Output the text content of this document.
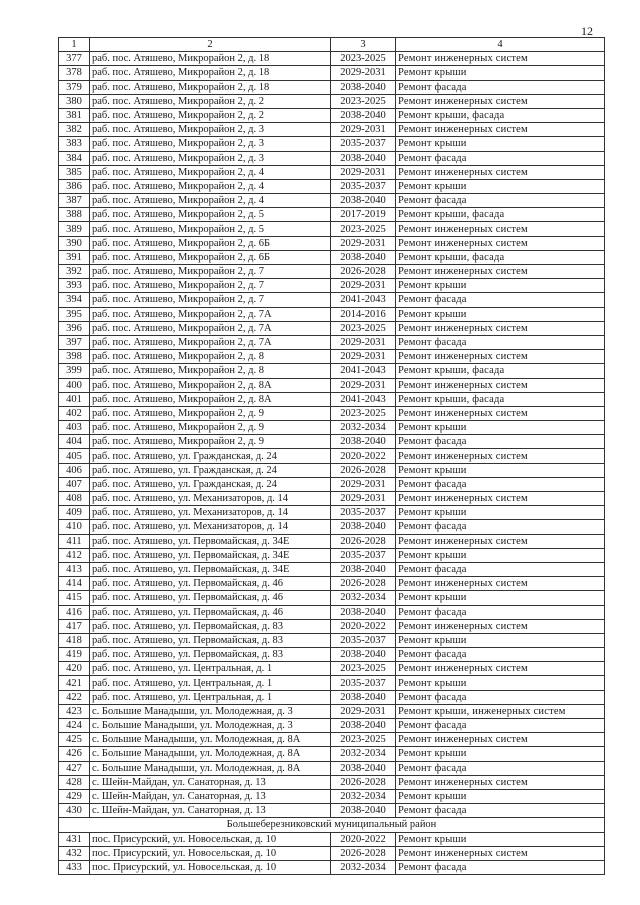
12
1	2	3	4
377	раб. пос. Атяшево, Микрорайон 2, д. 18	2023-2025	Ремонт инженерных систем
378	раб. пос. Атяшево, Микрорайон 2, д. 18	2029-2031	Ремонт крыши
379	раб. пос. Атяшево, Микрорайон 2, д. 18	2038-2040	Ремонт фасада
380	раб. пос. Атяшево, Микрорайон 2, д. 2	2023-2025	Ремонт инженерных систем
381	раб. пос. Атяшево, Микрорайон 2, д. 2	2038-2040	Ремонт крыши, фасада
382	раб. пос. Атяшево, Микрорайон 2, д. 3	2029-2031	Ремонт инженерных систем
383	раб. пос. Атяшево, Микрорайон 2, д. 3	2035-2037	Ремонт крыши
384	раб. пос. Атяшево, Микрорайон 2, д. 3	2038-2040	Ремонт фасада
385	раб. пос. Атяшево, Микрорайон 2, д. 4	2029-2031	Ремонт инженерных систем
386	раб. пос. Атяшево, Микрорайон 2, д. 4	2035-2037	Ремонт крыши
387	раб. пос. Атяшево, Микрорайон 2, д. 4	2038-2040	Ремонт фасада
388	раб. пос. Атяшево, Микрорайон 2, д. 5	2017-2019	Ремонт крыши, фасада
389	раб. пос. Атяшево, Микрорайон 2, д. 5	2023-2025	Ремонт инженерных систем
390	раб. пос. Атяшево, Микрорайон 2, д. 6Б	2029-2031	Ремонт инженерных систем
391	раб. пос. Атяшево, Микрорайон 2, д. 6Б	2038-2040	Ремонт крыши, фасада
392	раб. пос. Атяшево, Микрорайон 2, д. 7	2026-2028	Ремонт инженерных систем
393	раб. пос. Атяшево, Микрорайон 2, д. 7	2029-2031	Ремонт крыши
394	раб. пос. Атяшево, Микрорайон 2, д. 7	2041-2043	Ремонт фасада
395	раб. пос. Атяшево, Микрорайон 2, д. 7А	2014-2016	Ремонт крыши
396	раб. пос. Атяшево, Микрорайон 2, д. 7А	2023-2025	Ремонт инженерных систем
397	раб. пос. Атяшево, Микрорайон 2, д. 7А	2029-2031	Ремонт фасада
398	раб. пос. Атяшево, Микрорайон 2, д. 8	2029-2031	Ремонт инженерных систем
399	раб. пос. Атяшево, Микрорайон 2, д. 8	2041-2043	Ремонт крыши, фасада
400	раб. пос. Атяшево, Микрорайон 2, д. 8А	2029-2031	Ремонт инженерных систем
401	раб. пос. Атяшево, Микрорайон 2, д. 8А	2041-2043	Ремонт крыши, фасада
402	раб. пос. Атяшево, Микрорайон 2, д. 9	2023-2025	Ремонт инженерных систем
403	раб. пос. Атяшево, Микрорайон 2, д. 9	2032-2034	Ремонт крыши
404	раб. пос. Атяшево, Микрорайон 2, д. 9	2038-2040	Ремонт фасада
405	раб. пос. Атяшево, ул. Гражданская, д. 24	2020-2022	Ремонт инженерных систем
406	раб. пос. Атяшево, ул. Гражданская, д. 24	2026-2028	Ремонт крыши
407	раб. пос. Атяшево, ул. Гражданская, д. 24	2029-2031	Ремонт фасада
408	раб. пос. Атяшево, ул. Механизаторов, д. 14	2029-2031	Ремонт инженерных систем
409	раб. пос. Атяшево, ул. Механизаторов, д. 14	2035-2037	Ремонт крыши
410	раб. пос. Атяшево, ул. Механизаторов, д. 14	2038-2040	Ремонт фасада
411	раб. пос. Атяшево, ул. Первомайская, д. 34Е	2026-2028	Ремонт инженерных систем
412	раб. пос. Атяшево, ул. Первомайская, д. 34Е	2035-2037	Ремонт крыши
413	раб. пос. Атяшево, ул. Первомайская, д. 34Е	2038-2040	Ремонт фасада
414	раб. пос. Атяшево, ул. Первомайская, д. 46	2026-2028	Ремонт инженерных систем
415	раб. пос. Атяшево, ул. Первомайская, д. 46	2032-2034	Ремонт крыши
416	раб. пос. Атяшево, ул. Первомайская, д. 46	2038-2040	Ремонт фасада
417	раб. пос. Атяшево, ул. Первомайская, д. 83	2020-2022	Ремонт инженерных систем
418	раб. пос. Атяшево, ул. Первомайская, д. 83	2035-2037	Ремонт крыши
419	раб. пос. Атяшево, ул. Первомайская, д. 83	2038-2040	Ремонт фасада
420	раб. пос. Атяшево, ул. Центральная, д. 1	2023-2025	Ремонт инженерных систем
421	раб. пос. Атяшево, ул. Центральная, д. 1	2035-2037	Ремонт крыши
422	раб. пос. Атяшево, ул. Центральная, д. 1	2038-2040	Ремонт фасада
423	с. Большие Манадыши, ул. Молодежная, д. 3	2029-2031	Ремонт крыши, инженерных систем
424	с. Большие Манадыши, ул. Молодежная, д. 3	2038-2040	Ремонт фасада
425	с. Большие Манадыши, ул. Молодежная, д. 8А	2023-2025	Ремонт инженерных систем
426	с. Большие Манадыши, ул. Молодежная, д. 8А	2032-2034	Ремонт крыши
427	с. Большие Манадыши, ул. Молодежная, д. 8А	2038-2040	Ремонт фасада
428	с. Шейн-Майдан, ул. Санаторная, д. 13	2026-2028	Ремонт инженерных систем
429	с. Шейн-Майдан, ул. Санаторная, д. 13	2032-2034	Ремонт крыши
430	с. Шейн-Майдан, ул. Санаторная, д. 13	2038-2040	Ремонт фасада
Большеберезниковский муниципальный район			
431	пос. Присурский, ул. Новосельская, д. 10	2020-2022	Ремонт крыши
432	пос. Присурский, ул. Новосельская, д. 10	2026-2028	Ремонт инженерных систем
433	пос. Присурский, ул. Новосельская, д. 10	2032-2034	Ремонт фасада
